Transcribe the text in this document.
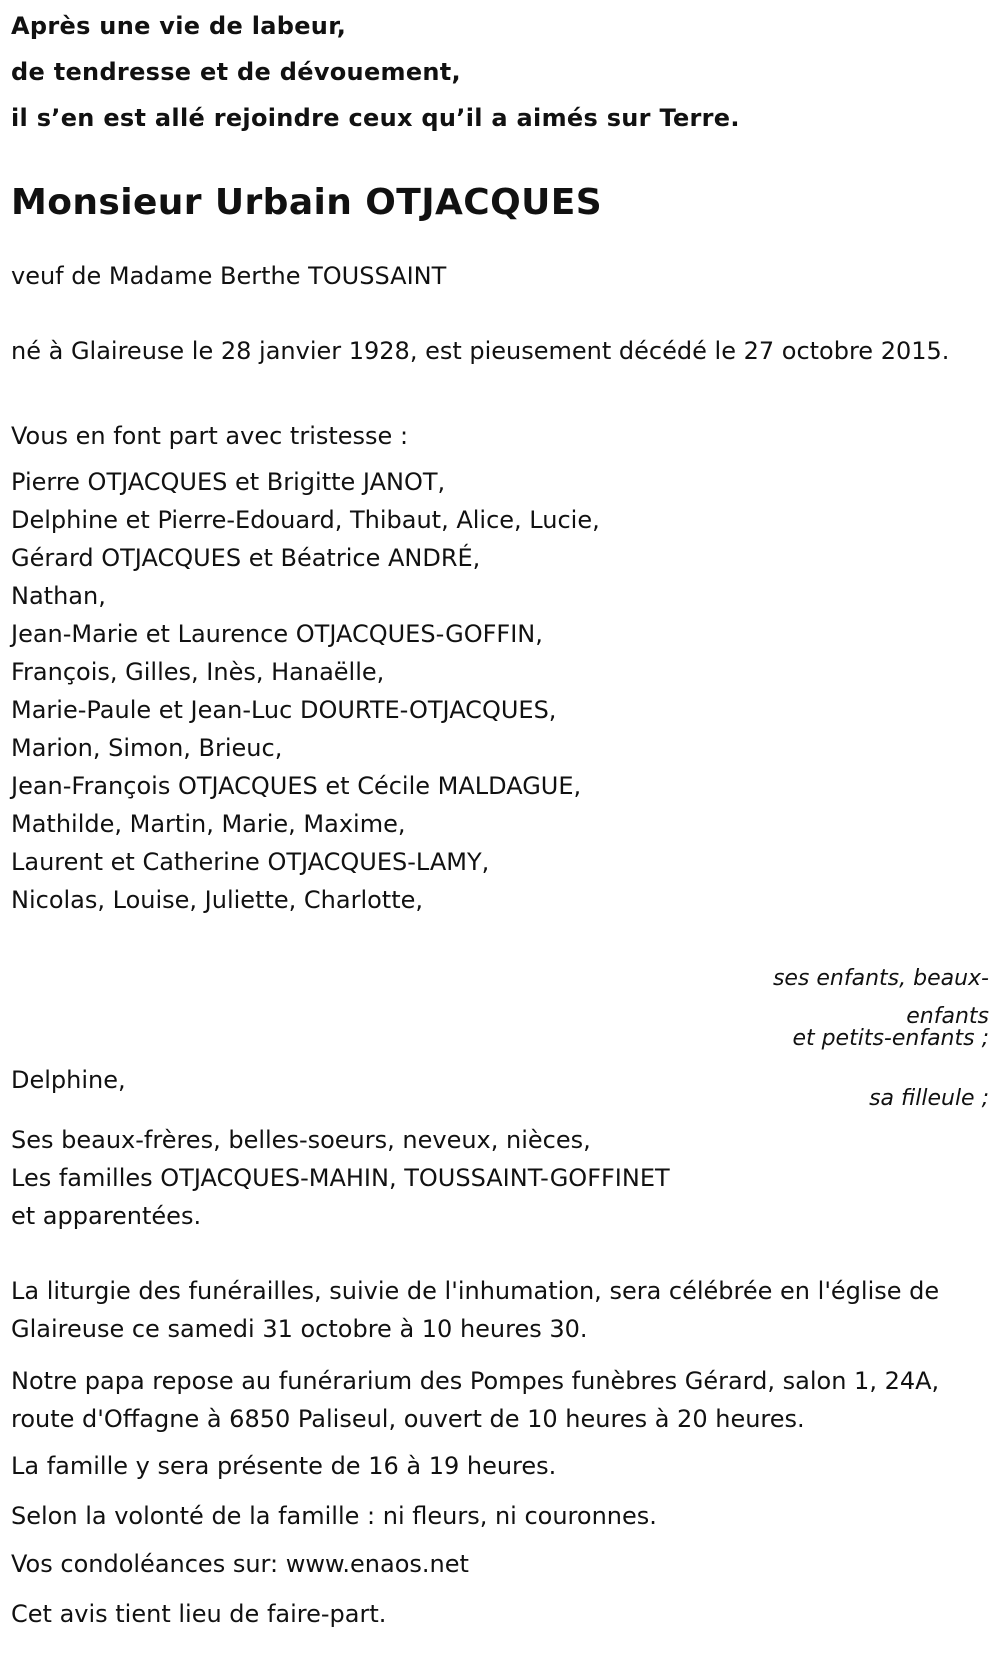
Après une vie de labeur,
de tendresse et de dévouement,
il s’en est allé rejoindre ceux qu’il a aimés sur Terre.
Monsieur Urbain OTJACQUES
veuf de Madame Berthe TOUSSAINT
né à Glaireuse le 28 janvier 1928, est pieusement décédé le 27 octobre 2015.
Vous en font part avec tristesse :
Pierre OTJACQUES et Brigitte JANOT,
Delphine et Pierre-Edouard, Thibaut, Alice, Lucie,
Gérard OTJACQUES et Béatrice ANDRÉ,
Nathan,
Jean-Marie et Laurence OTJACQUES-GOFFIN,
François, Gilles, Inès, Hanaëlle,
Marie-Paule et Jean-Luc DOURTE-OTJACQUES,
Marion, Simon, Brieuc,
Jean-François OTJACQUES et Cécile MALDAGUE,
Mathilde, Martin, Marie, Maxime,
Laurent et Catherine OTJACQUES-LAMY,
Nicolas, Louise, Juliette, Charlotte,
ses enfants, beaux-enfants
et petits-enfants ;
Delphine,
sa filleule ;
Ses beaux-frères, belles-soeurs, neveux, nièces,
Les familles OTJACQUES-MAHIN, TOUSSAINT-GOFFINET
et apparentées.
La liturgie des funérailles, suivie de l'inhumation, sera célébrée en l'église de Glaireuse ce samedi 31 octobre à 10 heures 30.
Notre papa repose au funérarium des Pompes funèbres Gérard, salon 1, 24A, route d'Offagne à 6850 Paliseul, ouvert de 10 heures à 20 heures.
La famille y sera présente de 16 à 19 heures.
Selon la volonté de la famille : ni fleurs, ni couronnes.
Vos condoléances sur: www.enaos.net
Cet avis tient lieu de faire-part.
